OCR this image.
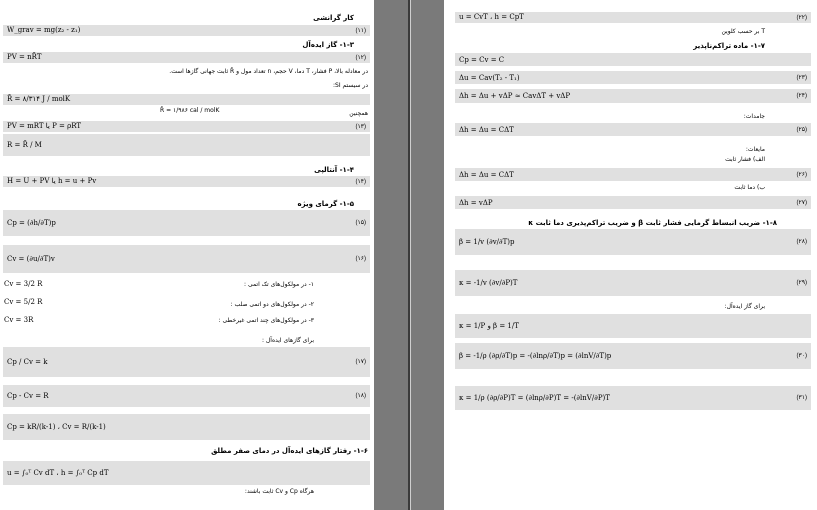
کار گرانشی
W_grav = mg(z₂ - z₁)	(۱۱)
۱-۳- گاز ایده‌آل
PV = nR̄T	(۱۲)
در معادله بالا، P فشار، T دما، V حجم، n تعداد مول و R̄ ثابت جهانی گازها است.
در سیستم SI:
R̄ = ۸/۳۱۴ J / molK
همچنین
R̄ = ۱/۹۸۶ cal / molK
PV = mRT یا P = ρRT	(۱۳)
R = R̄ / M
۱-۴- آنتالپی
H = U + PV یا h = u + Pv	(۱۴)
۱-۵- گرمای ویژه
Cp = (∂h/∂T)p	(۱۵)
Cv = (∂u/∂T)v	(۱۶)
Cv = 3/2 R	۱- در مولکول‌های تک اتمی :
Cv = 5/2 R	۲- در مولکول‌های دو اتمی صلب :
Cv = 3R	۳- در مولکول‌های چند اتمی غیرخطی :
برای گازهای ایده‌آل :
Cp / Cv = k	(۱۷)
Cp - Cv = R	(۱۸)
Cp = kR/(k-1) ، Cv = R/(k-1)
۱-۶- رفتار گازهای ایده‌آل در دمای صفر مطلق
u = ∫₀ᵀ Cv dT ، h = ∫₀ᵀ Cp dT
هرگاه Cp و Cv ثابت باشند:
u = CvT ، h = CpT	(۲۲)
T بر حسب کلوین
۱-۷- ماده تراکم‌ناپذیر
Cp = Cv = C
Δu = Cav(T₂ - T₁)	(۲۳)
Δh = Δu + vΔP ≈ CavΔT + vΔP	(۲۴)
جامدات:
Δh = Δu = CΔT	(۲۵)
مایعات:
الف) فشار ثابت
Δh = Δu = CΔT	(۲۶)
ب) دما ثابت
Δh = vΔP	(۲۷)
۱-۸- ضریب انبساط گرمایی فشار ثابت β و ضریب تراکم‌پذیری دما ثابت κ
β = 1/v (∂v/∂T)p	(۲۸)
κ = -1/v (∂v/∂P)T	(۲۹)
برای گاز ایده‌آل:
κ = 1/P و β = 1/T
β = -1/ρ (∂ρ/∂T)p = -(∂lnρ/∂T)p = (∂lnV/∂T)p	(۳۰)
κ = 1/ρ (∂ρ/∂P)T = (∂lnρ/∂P)T = -(∂lnV/∂P)T	(۳۱)
